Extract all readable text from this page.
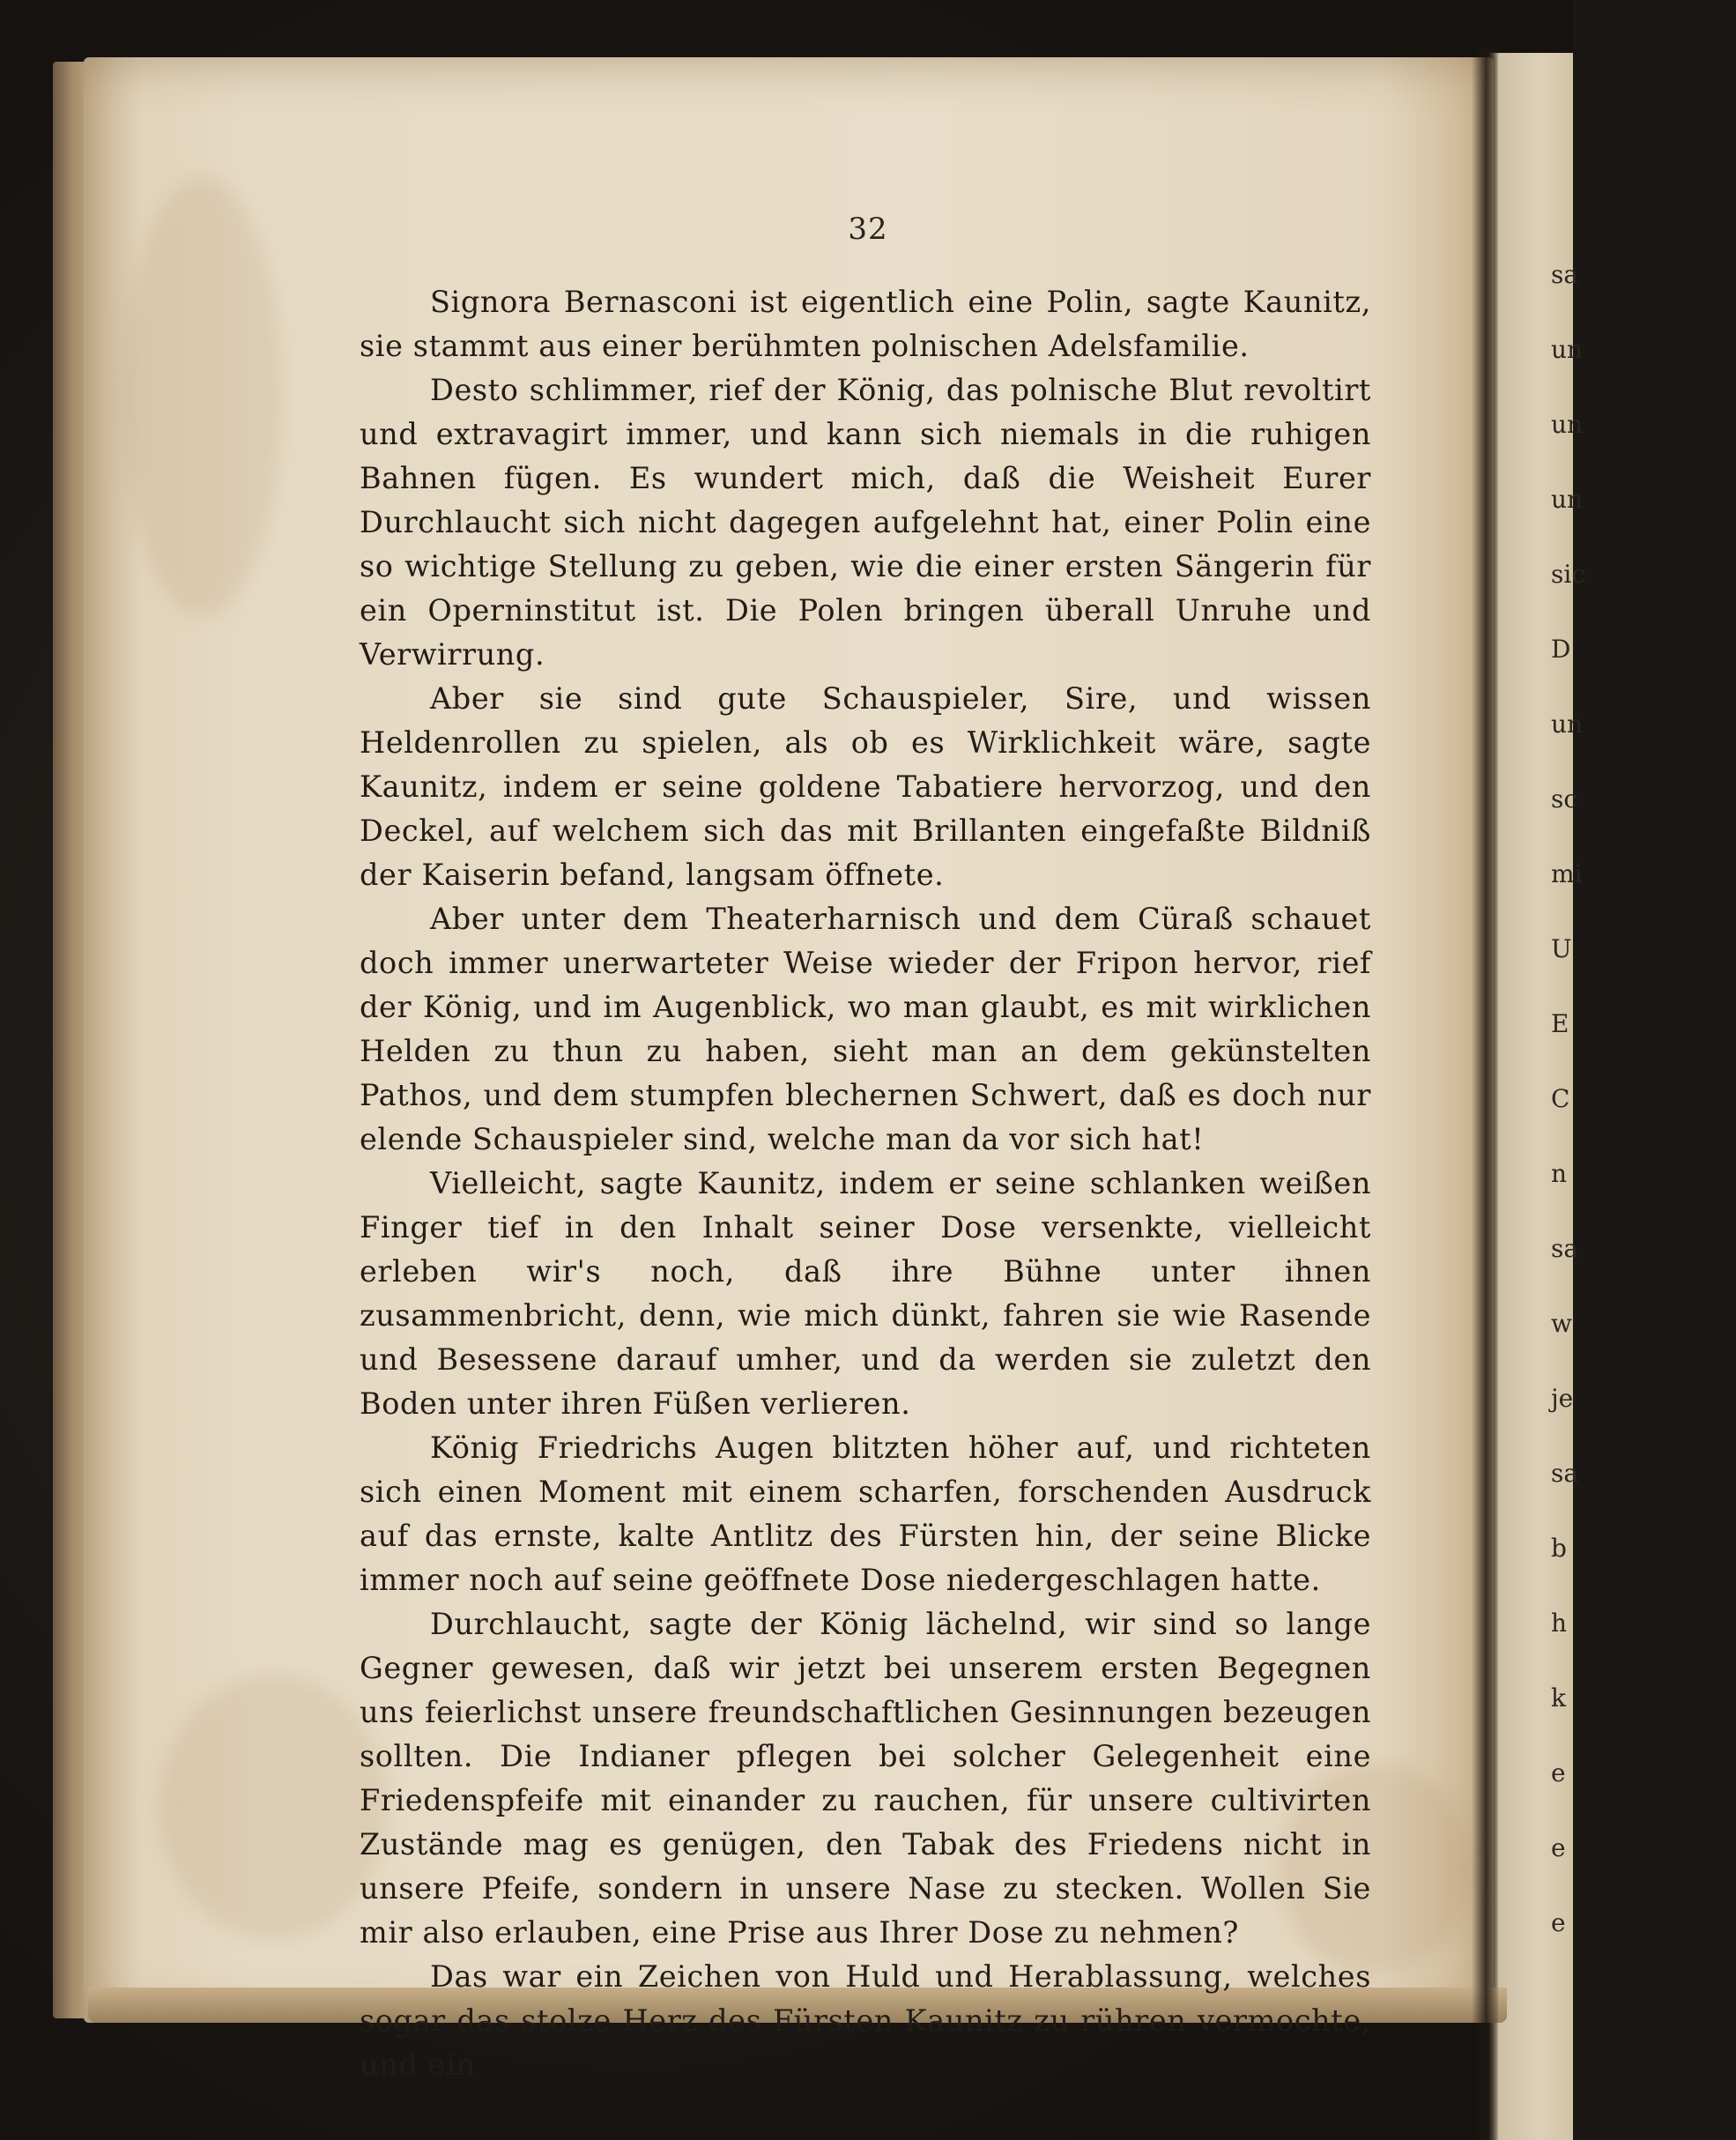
32

Signora Bernasconi ist eigentlich eine Polin, sagte Kaunitz, sie stammt aus einer berühmten polnischen Adelsfamilie.

Desto schlimmer, rief der König, das polnische Blut revoltirt und extravagirt immer, und kann sich niemals in die ruhigen Bahnen fügen. Es wundert mich, daß die Weisheit Eurer Durchlaucht sich nicht dagegen aufgelehnt hat, einer Polin eine so wichtige Stellung zu geben, wie die einer ersten Sängerin für ein Operninstitut ist. Die Polen bringen überall Unruhe und Verwirrung.

Aber sie sind gute Schauspieler, Sire, und wissen Heldenrollen zu spielen, als ob es Wirklichkeit wäre, sagte Kaunitz, indem er seine goldene Tabatiere hervorzog, und den Deckel, auf welchem sich das mit Brillanten eingefaßte Bildniß der Kaiserin befand, langsam öffnete.

Aber unter dem Theaterharnisch und dem Cüraß schauet doch immer unerwarteter Weise wieder der Fripon hervor, rief der König, und im Augenblick, wo man glaubt, es mit wirklichen Helden zu thun zu haben, sieht man an dem gekünstelten Pathos, und dem stumpfen blechernen Schwert, daß es doch nur elende Schauspieler sind, welche man da vor sich hat!

Vielleicht, sagte Kaunitz, indem er seine schlanken weißen Finger tief in den Inhalt seiner Dose versenkte, vielleicht erleben wir's noch, daß ihre Bühne unter ihnen zusammenbricht, denn, wie mich dünkt, fahren sie wie Rasende und Besessene darauf umher, und da werden sie zuletzt den Boden unter ihren Füßen verlieren.

König Friedrichs Augen blitzten höher auf, und richteten sich einen Moment mit einem scharfen, forschenden Ausdruck auf das ernste, kalte Antlitz des Fürsten hin, der seine Blicke immer noch auf seine geöffnete Dose niedergeschlagen hatte.

Durchlaucht, sagte der König lächelnd, wir sind so lange Gegner gewesen, daß wir jetzt bei unserem ersten Begegnen uns feierlichst unsere freundschaftlichen Gesinnungen bezeugen sollten. Die Indianer pflegen bei solcher Gelegenheit eine Friedenspfeife mit einander zu rauchen, für unsere cultivirten Zustände mag es genügen, den Tabak des Friedens nicht in unsere Pfeife, sondern in unsere Nase zu stecken. Wollen Sie mir also erlauben, eine Prise aus Ihrer Dose zu nehmen?

Das war ein Zeichen von Huld und Herablassung, welches sogar das stolze Herz des Fürsten Kaunitz zu rühren vermochte, und ein

sa
un
un
un
sic
D
un
sc
mi
U
E
C
n
sa
w
je
sa
b
h
k
e
e
e
